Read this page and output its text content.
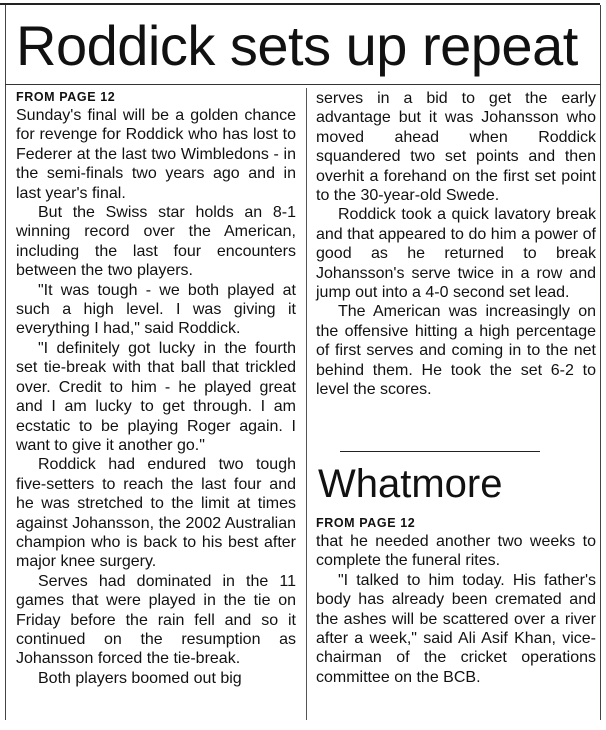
Roddick sets up repeat
FROM PAGE 12

Sunday's final will be a golden chance for revenge for Roddick who has lost to Federer at the last two Wimbledons - in the semi-finals two years ago and in last year's final.

But the Swiss star holds an 8-1 winning record over the American, including the last four encounters between the two players.

"It was tough - we both played at such a high level. I was giving it everything I had," said Roddick.

"I definitely got lucky in the fourth set tie-break with that ball that trickled over. Credit to him - he played great and I am lucky to get through. I am ecstatic to be playing Roger again. I want to give it another go."

Roddick had endured two tough five-setters to reach the last four and he was stretched to the limit at times against Johansson, the 2002 Australian champion who is back to his best after major knee surgery.

Serves had dominated in the 11 games that were played in the tie on Friday before the rain fell and so it continued on the resumption as Johansson forced the tie-break.

Both players boomed out big

serves in a bid to get the early advantage but it was Johansson who moved ahead when Roddick squandered two set points and then overhit a forehand on the first set point to the 30-year-old Swede.

Roddick took a quick lavatory break and that appeared to do him a power of good as he returned to break Johansson's serve twice in a row and jump out into a 4-0 second set lead.

The American was increasingly on the offensive hitting a high percentage of first serves and coming in to the net behind them. He took the set 6-2 to level the scores.

Whatmore
FROM PAGE 12

that he needed another two weeks to complete the funeral rites.

"I talked to him today. His father's body has already been cremated and the ashes will be scattered over a river after a week," said Ali Asif Khan, vice-chairman of the cricket operations committee on the BCB.
